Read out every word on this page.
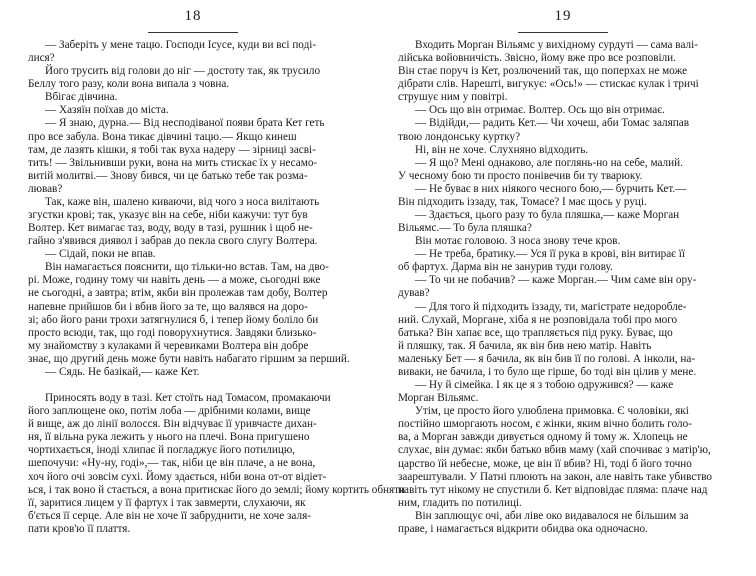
18
— Заберіть у мене тацю. Господи Ісусе, куди ви всі поді-
лися?
Його трусить від голови до ніг — достоту так, як трусило
Беллу того разу, коли вона випала з човна.
Вбігає дівчина.
— Хазяїн поїхав до міста.
— Я знаю, дурна.— Від несподіваної появи брата Кет геть
про все забула. Вона тикає дівчині тацю.— Якщо кинеш
там, де лазять кішки, я тобі так вуха надеру — зірниці засві-
тить! — Звільнивши руки, вона на мить стискає їх у несамо-
витій молитві.— Знову бився, чи це батько тебе так розма-
лював?
Так, каже він, шалено киваючи, від чого з носа вилітають
згустки крові; так, указує він на себе, ніби кажучи: тут був
Волтер. Кет вимагає таз, воду, воду в тазі, рушник і щоб не-
гайно з'явився диявол і забрав до пекла свого слугу Волтера.
— Сідай, поки не впав.
Він намагається пояснити, що тільки-но встав. Там, на дво-
рі. Може, годину тому чи навіть день — а може, сьогодні вже
не сьогодні, а завтра; втім, якби він пролежав там добу, Волтер
напевне прийшов би і вбив його за те, що валявся на доро-
зі; або його рани трохи затягнулися б, і тепер йому боліло би
просто всюди, так, що годі поворухнутися. Завдяки близько-
му знайомству з кулаками й черевиками Волтера він добре
знає, що другий день може бути навіть набагато гіршим за перший.
— Сядь. Не базікай,— каже Кет.
Приносять воду в тазі. Кет стоїть над Томасом, промакаючи
його заплющене око, потім лоба — дрібними колами, вище
й вище, аж до лінії волосся. Він відчуває її уривчасте дихан-
ня, її вільна рука лежить у нього на плечі. Вона пригушено
чортихається, іноді хлипає й погладжує його потилицю,
шепочучи: «Ну-ну, годі»,— так, ніби це він плаче, а не вона,
хоч його очі зовсім сухі. Йому здається, ніби вона от-от відіет-
ься, і так воно й стається, а вона притискає його до землі; йому кортить обняти
її, зaритися лицем у її фартух і так завмерти, слухаючи, як
б'ється її серце. Але він не хоче її забруднити, не хоче заля-
пати кров'ю її плаття.
19
Входить Морган Вільямс у вихідному сурдуті — сама валі-
лійська войовничість. Звісно, йому вже про все розповіли.
Він стає поруч із Кет, розлючений так, що поперхах не може
дібрати слів. Нарешті, вигукує: «Ось!» — стискає кулак і тричі
струшує ним у повітрі.
— Ось що він отримає. Волтер. Ось що він отримає.
— Відійди,— радить Кет.— Чи хочеш, аби Томас заляпав
твою лондонську куртку?
Ні, він не хоче. Слухняно відходить.
— Я що? Мені однаково, але поглянь-но на себе, малий.
У чесному бою ти просто понівечив би ту тварюку.
— Не буває в них ніякого чесного бою,— бурчить Кет.—
Він підходить іззаду, так, Томасе? І має щось у руці.
— Здається, цього разу то була пляшка,— каже Морган
Вільямс.— То була пляшка?
Він мотає головою. З носа знову тече кров.
— Не треба, братику.— Уся її рука в крові, він витирає її
об фартух. Дарма він не занурив туди голову.
— То чи не побачив? — каже Морган.— Чим саме він ору-
дував?
— Для того й підходить іззаду, ти, магістрате недоробле-
ний. Слухай, Моргане, хіба я не розповідала тобі про мого
батька? Він хапає все, що трапляється під руку. Буває, що
й пляшку, так. Я бачила, як він бив нею матір. Навіть
маленьку Бет — я бачила, як він бив її по голові. А інколи, на-
виваки, не бачила, і то було ще гірше, бо тоді він цілив у мене.
— Ну й сімейка. І як це я з тобою одружився? — каже
Морган Вільямс.
Утім, це просто його улюблена примовка. Є чоловіки, які
постійно шморгають носом, є жінки, яким вічно болить голо-
ва, а Морган завжди дивується одному й тому ж. Хлопець не
слухає, він думає: якби батько вбив маму (хай спочиває з матір'ю,
царство їй небесне, може, це він її вбив? Ні, тоді б його точно
заарештували. У Патні плюють на закон, але навіть таке убивство
навіть тут нікому не спустили б. Кет відповідає пляма: плаче над
ним, гладить по потилиці.
Він заплющує очі, аби ліве око видавалося не більшим за
праве, і намагається відкрити обидва ока одночасно.
